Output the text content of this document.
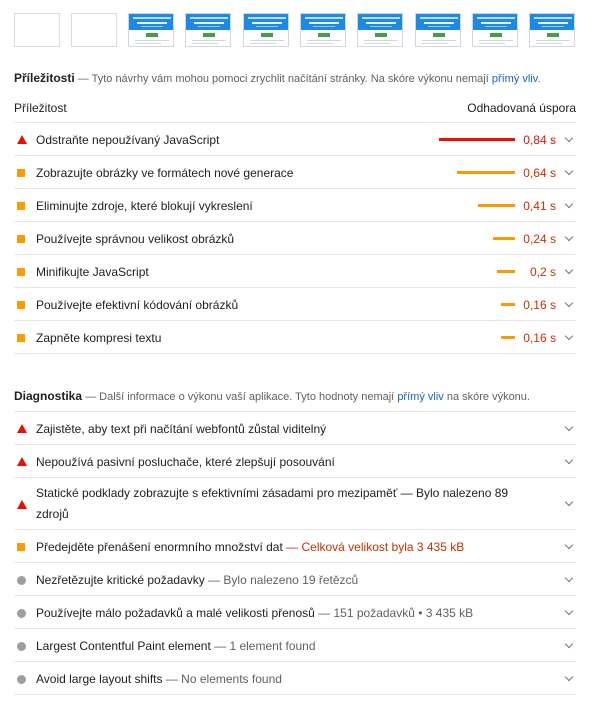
Příležitosti — Tyto návrhy vám mohou pomoci zrychlit načítání stránky. Na skóre výkonu nemají přímý vliv.
Příležitost	Odhadovaná úspora
Odstraňte nepoužívaný JavaScript	0,84 s
Zobrazujte obrázky ve formátech nové generace	0,64 s
Eliminujte zdroje, které blokují vykreslení	0,41 s
Používejte správnou velikost obrázků	0,24 s
Minifikujte JavaScript	0,2 s
Používejte efektivní kódování obrázků	0,16 s
Zapněte kompresi textu	0,16 s
Diagnostika — Další informace o výkonu vaší aplikace. Tyto hodnoty nemají přímý vliv na skóre výkonu.
Zajistěte, aby text při načítání webfontů zůstal viditelný
Nepoužívá pasivní posluchače, které zlepšují posouvání
Statické podklady zobrazujte s efektivními zásadami pro mezipaměť — Bylo nalezeno 89 zdrojů
Předejděte přenášení enormního množství dat — Celková velikost byla 3 435 kB
Nezřetězujte kritické požadavky — Bylo nalezeno 19 řetězců
Používejte málo požadavků a malé velikosti přenosů — 151 požadavků • 3 435 kB
Largest Contentful Paint element — 1 element found
Avoid large layout shifts — No elements found
